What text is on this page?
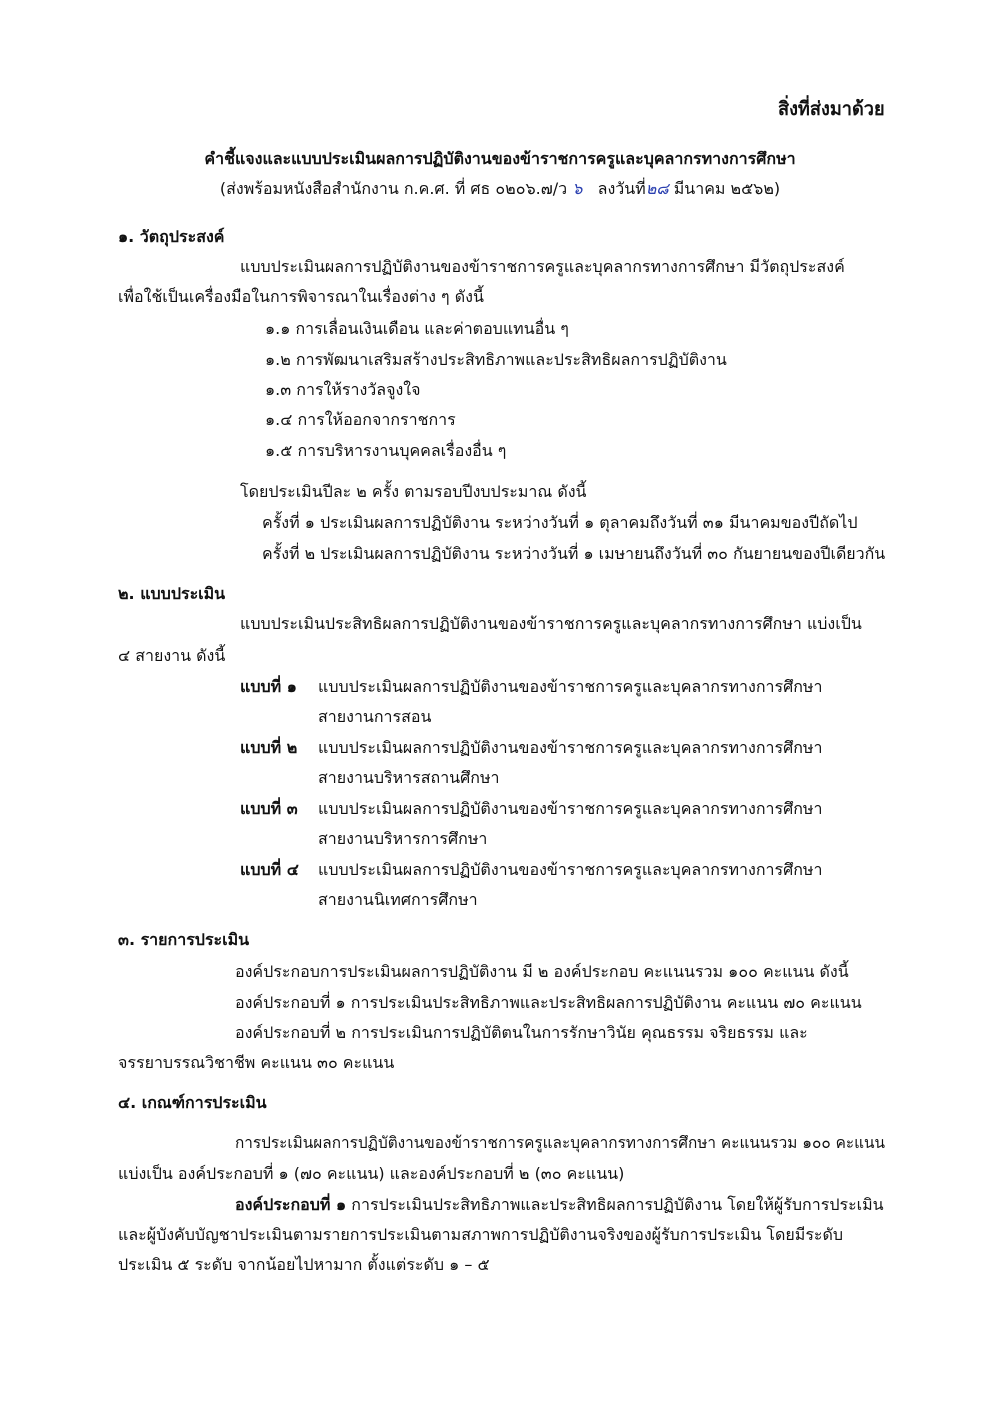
สิ่งที่ส่งมาด้วย
คำชี้แจงและแบบประเมินผลการปฏิบัติงานของข้าราชการครูและบุคลากรทางการศึกษา
(ส่งพร้อมหนังสือสำนักงาน ก.ค.ศ. ที่ ศธ ๐๒๐๖.๗/ว ๖ ลงวันที่๒๘ มีนาคม ๒๕๖๒)
๑. วัตถุประสงค์
แบบประเมินผลการปฏิบัติงานของข้าราชการครูและบุคลากรทางการศึกษา มีวัตถุประสงค์
เพื่อใช้เป็นเครื่องมือในการพิจารณาในเรื่องต่าง ๆ ดังนี้
๑.๑ การเลื่อนเงินเดือน และค่าตอบแทนอื่น ๆ
๑.๒ การพัฒนาเสริมสร้างประสิทธิภาพและประสิทธิผลการปฏิบัติงาน
๑.๓ การให้รางวัลจูงใจ
๑.๔ การให้ออกจากราชการ
๑.๕ การบริหารงานบุคคลเรื่องอื่น ๆ
โดยประเมินปีละ ๒ ครั้ง ตามรอบปีงบประมาณ ดังนี้
ครั้งที่ ๑ ประเมินผลการปฏิบัติงาน ระหว่างวันที่ ๑ ตุลาคมถึงวันที่ ๓๑ มีนาคมของปีถัดไป
ครั้งที่ ๒ ประเมินผลการปฏิบัติงาน ระหว่างวันที่ ๑ เมษายนถึงวันที่ ๓๐ กันยายนของปีเดียวกัน
๒. แบบประเมิน
แบบประเมินประสิทธิผลการปฏิบัติงานของข้าราชการครูและบุคลากรทางการศึกษา แบ่งเป็น
๔ สายงาน ดังนี้
แบบที่ ๑ แบบประเมินผลการปฏิบัติงานของข้าราชการครูและบุคลากรทางการศึกษา
สายงานการสอน
แบบที่ ๒ แบบประเมินผลการปฏิบัติงานของข้าราชการครูและบุคลากรทางการศึกษา
สายงานบริหารสถานศึกษา
แบบที่ ๓ แบบประเมินผลการปฏิบัติงานของข้าราชการครูและบุคลากรทางการศึกษา
สายงานบริหารการศึกษา
แบบที่ ๔ แบบประเมินผลการปฏิบัติงานของข้าราชการครูและบุคลากรทางการศึกษา
สายงานนิเทศการศึกษา
๓. รายการประเมิน
องค์ประกอบการประเมินผลการปฏิบัติงาน มี ๒ องค์ประกอบ คะแนนรวม ๑๐๐ คะแนน ดังนี้
องค์ประกอบที่ ๑ การประเมินประสิทธิภาพและประสิทธิผลการปฏิบัติงาน คะแนน ๗๐ คะแนน
องค์ประกอบที่ ๒ การประเมินการปฏิบัติตนในการรักษาวินัย คุณธรรม จริยธรรม และ
จรรยาบรรณวิชาชีพ คะแนน ๓๐ คะแนน
๔. เกณฑ์การประเมิน
การประเมินผลการปฏิบัติงานของข้าราชการครูและบุคลากรทางการศึกษา คะแนนรวม ๑๐๐ คะแนน
แบ่งเป็น องค์ประกอบที่ ๑ (๗๐ คะแนน) และองค์ประกอบที่ ๒ (๓๐ คะแนน)
องค์ประกอบที่ ๑ การประเมินประสิทธิภาพและประสิทธิผลการปฏิบัติงาน โดยให้ผู้รับการประเมิน
และผู้บังคับบัญชาประเมินตามรายการประเมินตามสภาพการปฏิบัติงานจริงของผู้รับการประเมิน โดยมีระดับ
ประเมิน ๕ ระดับ จากน้อยไปหามาก ตั้งแต่ระดับ ๑ – ๕
